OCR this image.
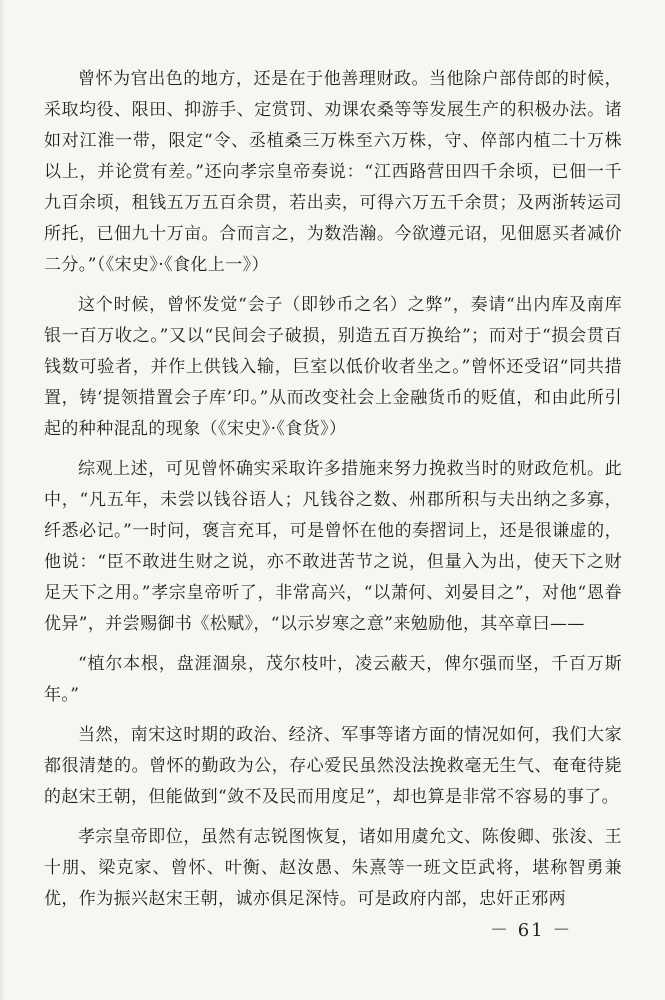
曾怀为官出色的地方，还是在于他善理财政。当他除户部侍郎的时候，采取均役、限田、抑游手、定赏罚、劝课农桑等等发展生产的积极办法。诸如对江淮一带，限定“令、丞植桑三万株至六万株，守、倅部内植二十万株以上，并论赏有差。”还向孝宗皇帝奏说：“江西路营田四千余顷，已佃一千九百余顷，租钱五万五百余贯，若出卖，可得六万五千余贯；及两浙转运司所托，已佃九十万亩。合而言之，为数浩瀚。今欲遵元诏，见佃愿买者减价二分。”（《宋史》·《食化上一》）

这个时候，曾怀发觉“会子（即钞币之名）之弊”，奏请“出内库及南库银一百万收之。”又以“民间会子破损，别造五百万换给”；而对于“损会贯百钱数可验者，并作上供钱入输，巨室以低价收者坐之。”曾怀还受诏“同共措置，铸‘提领措置会子库’印。”从而改变社会上金融货币的贬值，和由此所引起的种种混乱的现象（《宋史》·《食货》）

综观上述，可见曾怀确实采取许多措施来努力挽救当时的财政危机。此中，“凡五年，未尝以钱谷语人；凡钱谷之数、州郡所积与夫出纳之多寡，纤悉必记。”一时问，褒言充耳，可是曾怀在他的奏摺词上，还是很谦虚的，他说：“臣不敢进生财之说，亦不敢进苦节之说，但量入为出，使天下之财足天下之用。”孝宗皇帝听了，非常高兴，“以萧何、刘晏目之”，对他“恩眷优异”，并尝赐御书《松赋》，“以示岁寒之意”来勉励他，其卒章曰——

“植尔本根，盘涯涸泉，茂尔枝叶，凌云蔽天，俾尔强而坚，千百万斯年。”

当然，南宋这时期的政治、经济、军事等诸方面的情况如何，我们大家都很清楚的。曾怀的勤政为公，存心爱民虽然没法挽救毫无生气、奄奄待毙的赵宋王朝，但能做到“敛不及民而用度足”，却也算是非常不容易的事了。

孝宗皇帝即位，虽然有志锐图恢复，诸如用虞允文、陈俊卿、张浚、王十朋、梁克家、曾怀、叶衡、赵汝愚、朱熹等一班文臣武将，堪称智勇兼优，作为振兴赵宋王朝，诚亦俱足深恃。可是政府内部，忠奸正邪两

－ 61 －
